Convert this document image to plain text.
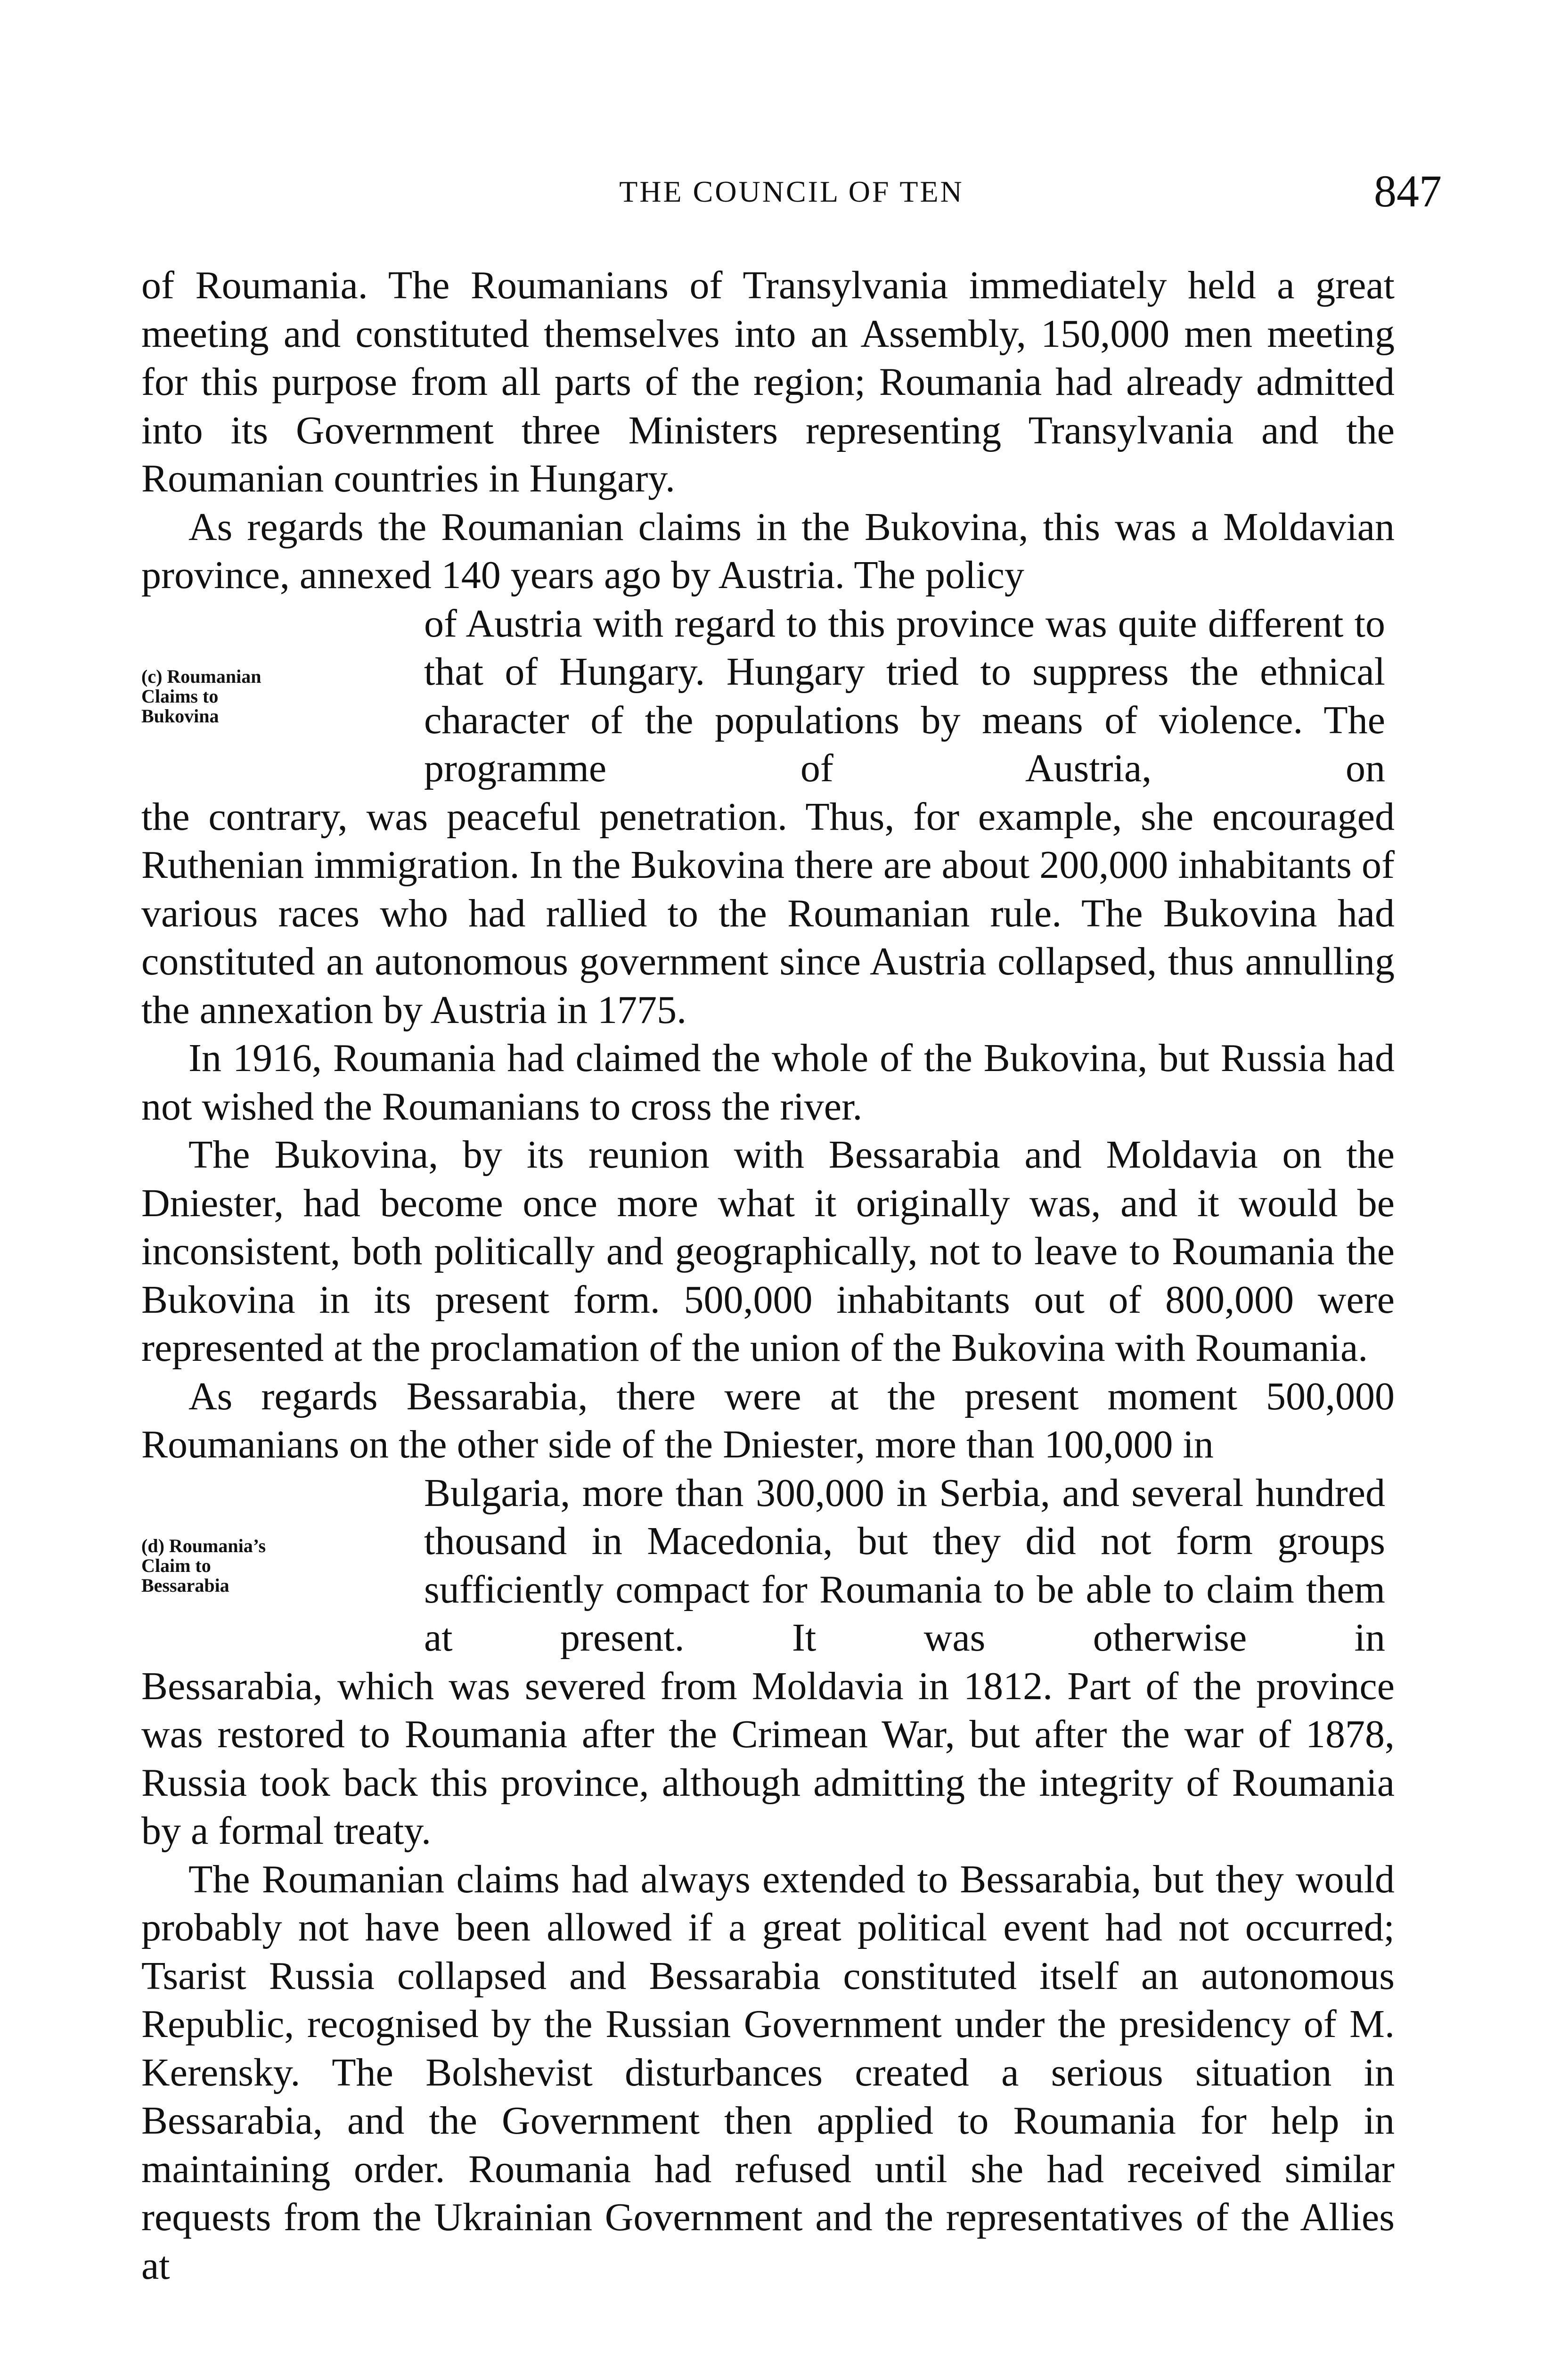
THE COUNCIL OF TEN	847

of Roumania. The Roumanians of Transylvania immediately held a great meeting and constituted themselves into an Assembly, 150,000 men meeting for this purpose from all parts of the region; Roumania had already admitted into its Government three Ministers representing Transylvania and the Roumanian countries in Hungary.

As regards the Roumanian claims in the Bukovina, this was a Moldavian province, annexed 140 years ago by Austria. The policy

(c) Roumanian
Claims to
Bukovina
of Austria with regard to this province was quite different to that of Hungary. Hungary tried to suppress the ethnical character of the populations by means of violence. The programme of Austria, on

the contrary, was peaceful penetration. Thus, for example, she encouraged Ruthenian immigration. In the Bukovina there are about 200,000 inhabitants of various races who had rallied to the Roumanian rule. The Bukovina had constituted an autonomous government since Austria collapsed, thus annulling the annexation by Austria in 1775.

In 1916, Roumania had claimed the whole of the Bukovina, but Russia had not wished the Roumanians to cross the river.

The Bukovina, by its reunion with Bessarabia and Moldavia on the Dniester, had become once more what it originally was, and it would be inconsistent, both politically and geographically, not to leave to Roumania the Bukovina in its present form. 500,000 inhabitants out of 800,000 were represented at the proclamation of the union of the Bukovina with Roumania.

As regards Bessarabia, there were at the present moment 500,000 Roumanians on the other side of the Dniester, more than 100,000 in

(d) Roumania’s
Claim to
Bessarabia
Bulgaria, more than 300,000 in Serbia, and several hundred thousand in Macedonia, but they did not form groups sufficiently compact for Roumania to be able to claim them at present. It was otherwise in

Bessarabia, which was severed from Moldavia in 1812. Part of the province was restored to Roumania after the Crimean War, but after the war of 1878, Russia took back this province, although admitting the integrity of Roumania by a formal treaty.

The Roumanian claims had always extended to Bessarabia, but they would probably not have been allowed if a great political event had not occurred; Tsarist Russia collapsed and Bessarabia constituted itself an autonomous Republic, recognised by the Russian Government under the presidency of M. Kerensky. The Bolshevist disturbances created a serious situation in Bessarabia, and the Government then applied to Roumania for help in maintaining order. Roumania had refused until she had received similar requests from the Ukrainian Government and the representatives of the Allies at
